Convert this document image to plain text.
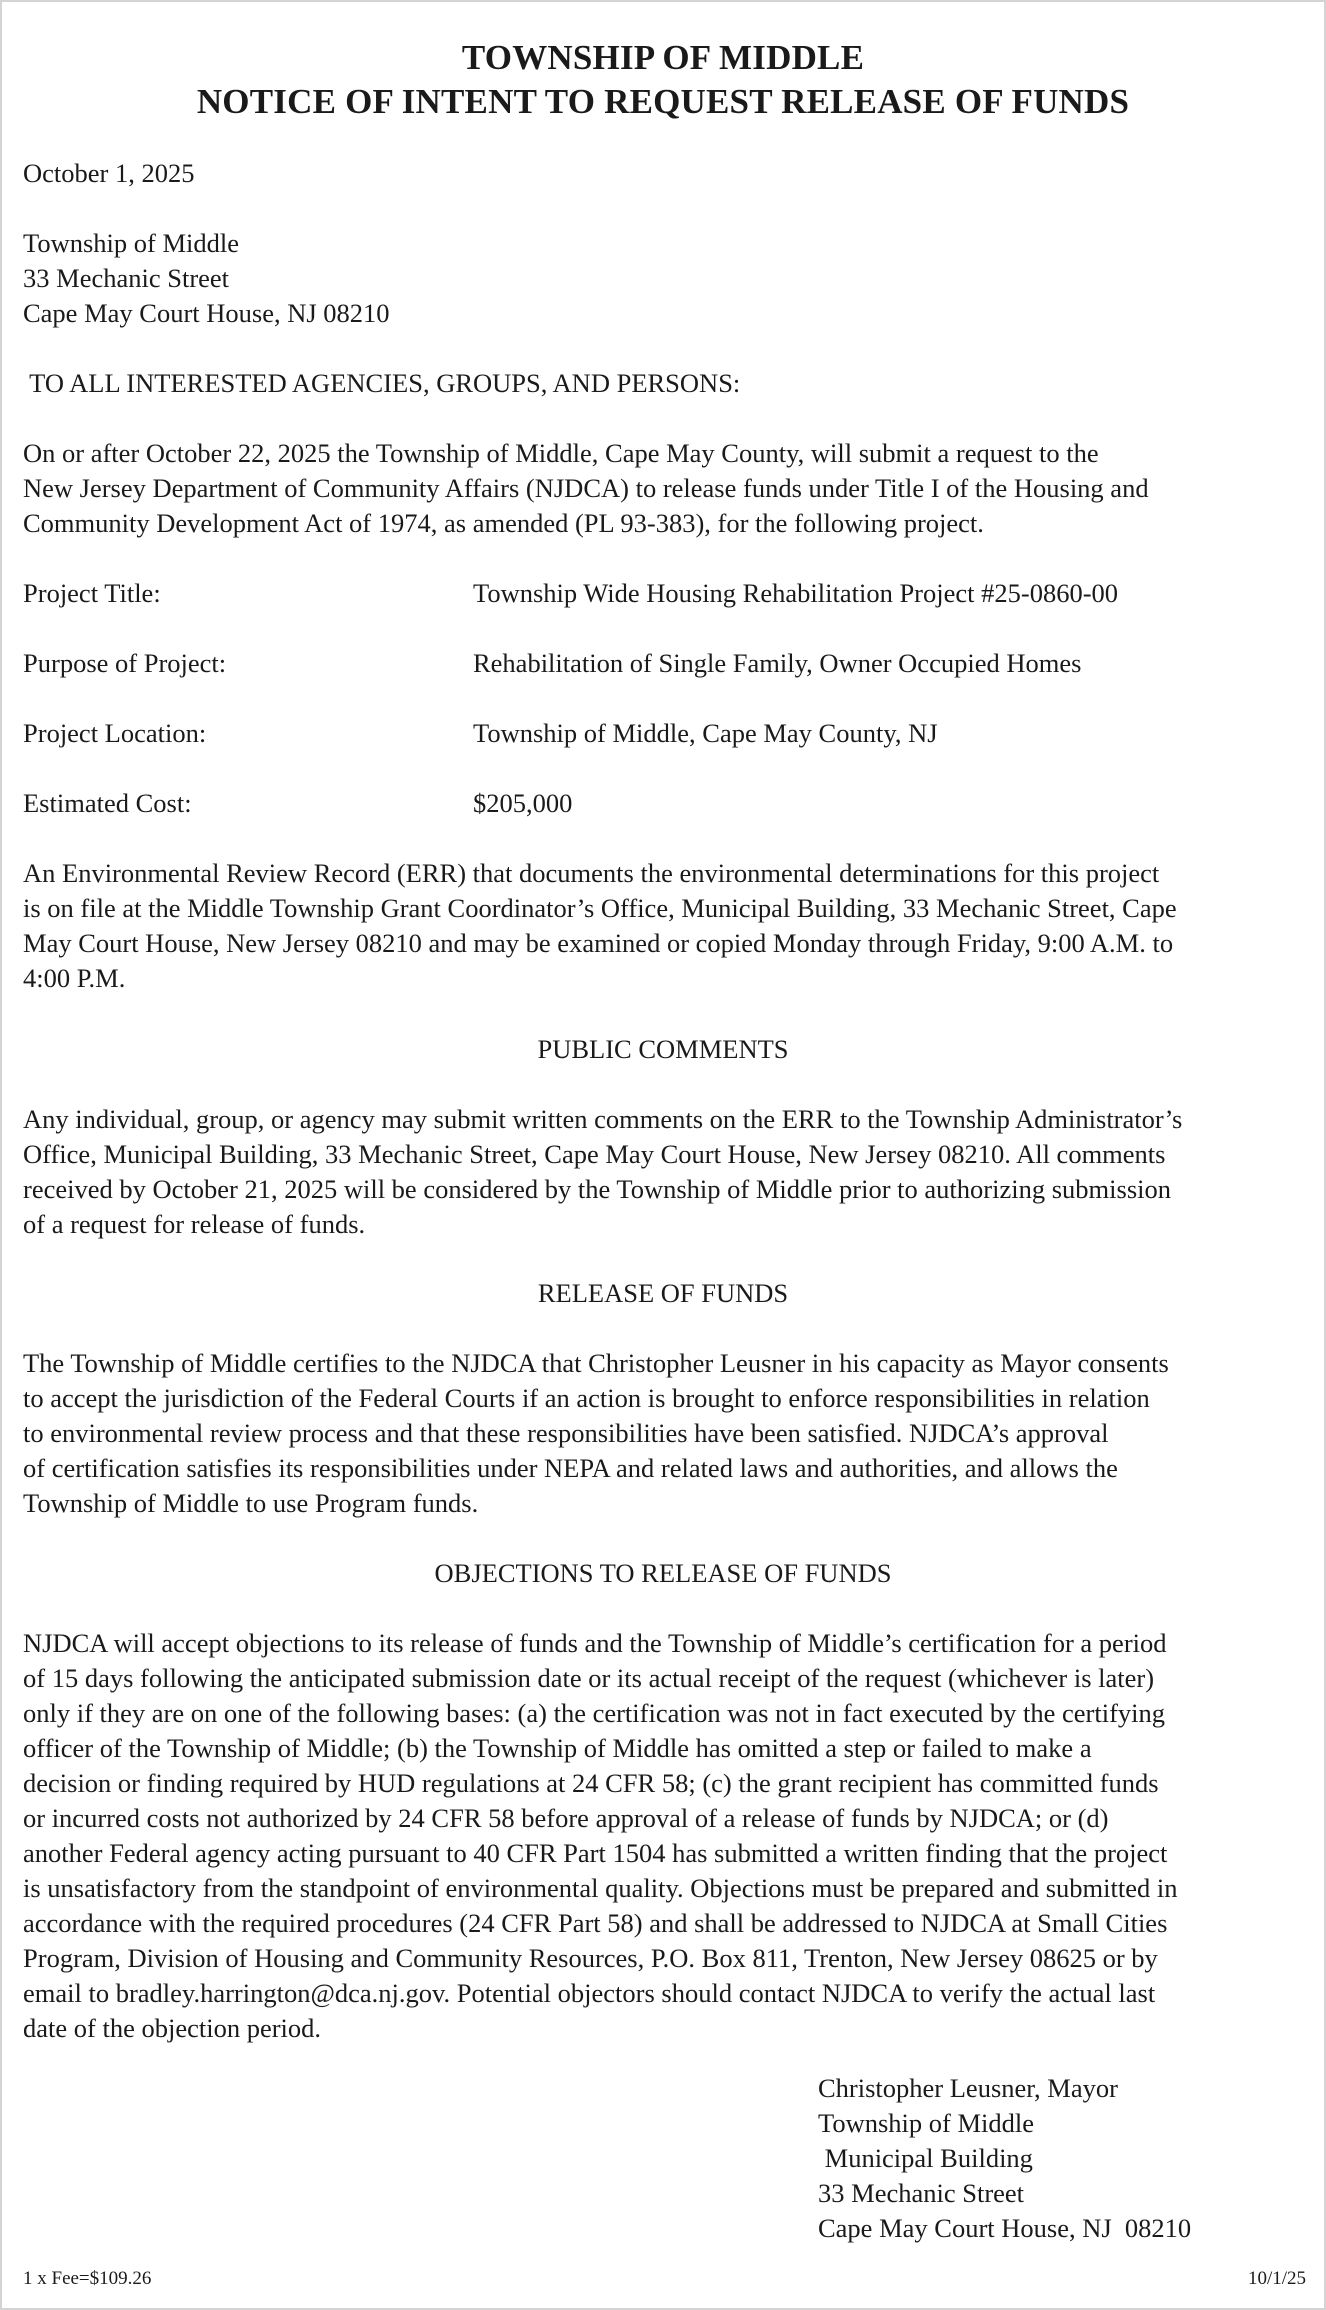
TOWNSHIP OF MIDDLE
NOTICE OF INTENT TO REQUEST RELEASE OF FUNDS
October 1, 2025
Township of Middle
33 Mechanic Street
Cape May Court House, NJ 08210
TO ALL INTERESTED AGENCIES, GROUPS, AND PERSONS:
On or after October 22, 2025 the Township of Middle, Cape May County, will submit a request to the
New Jersey Department of Community Affairs (NJDCA) to release funds under Title I of the Housing and
Community Development Act of 1974, as amended (PL 93-383), for the following project.
Project Title:	Township Wide Housing Rehabilitation Project #25-0860-00
Purpose of Project:	Rehabilitation of Single Family, Owner Occupied Homes
Project Location:	Township of Middle, Cape May County, NJ
Estimated Cost:	$205,000
An Environmental Review Record (ERR) that documents the environmental determinations for this project
is on file at the Middle Township Grant Coordinator’s Office, Municipal Building, 33 Mechanic Street, Cape
May Court House, New Jersey 08210 and may be examined or copied Monday through Friday, 9:00 A.M. to
4:00 P.M.
PUBLIC COMMENTS
Any individual, group, or agency may submit written comments on the ERR to the Township Administrator’s
Office, Municipal Building, 33 Mechanic Street, Cape May Court House, New Jersey 08210. All comments
received by October 21, 2025 will be considered by the Township of Middle prior to authorizing submission
of a request for release of funds.
RELEASE OF FUNDS
The Township of Middle certifies to the NJDCA that Christopher Leusner in his capacity as Mayor consents
to accept the jurisdiction of the Federal Courts if an action is brought to enforce responsibilities in relation
to environmental review process and that these responsibilities have been satisfied. NJDCA’s approval
of certification satisfies its responsibilities under NEPA and related laws and authorities, and allows the
Township of Middle to use Program funds.
OBJECTIONS TO RELEASE OF FUNDS
NJDCA will accept objections to its release of funds and the Township of Middle’s certification for a period
of 15 days following the anticipated submission date or its actual receipt of the request (whichever is later)
only if they are on one of the following bases: (a) the certification was not in fact executed by the certifying
officer of the Township of Middle; (b) the Township of Middle has omitted a step or failed to make a
decision or finding required by HUD regulations at 24 CFR 58; (c) the grant recipient has committed funds
or incurred costs not authorized by 24 CFR 58 before approval of a release of funds by NJDCA; or (d)
another Federal agency acting pursuant to 40 CFR Part 1504 has submitted a written finding that the project
is unsatisfactory from the standpoint of environmental quality. Objections must be prepared and submitted in
accordance with the required procedures (24 CFR Part 58) and shall be addressed to NJDCA at Small Cities
Program, Division of Housing and Community Resources, P.O. Box 811, Trenton, New Jersey 08625 or by
email to bradley.harrington@dca.nj.gov. Potential objectors should contact NJDCA to verify the actual last
date of the objection period.
Christopher Leusner, Mayor
Township of Middle
Municipal Building
33 Mechanic Street
Cape May Court House, NJ  08210
1 x Fee=$109.26	10/1/25
